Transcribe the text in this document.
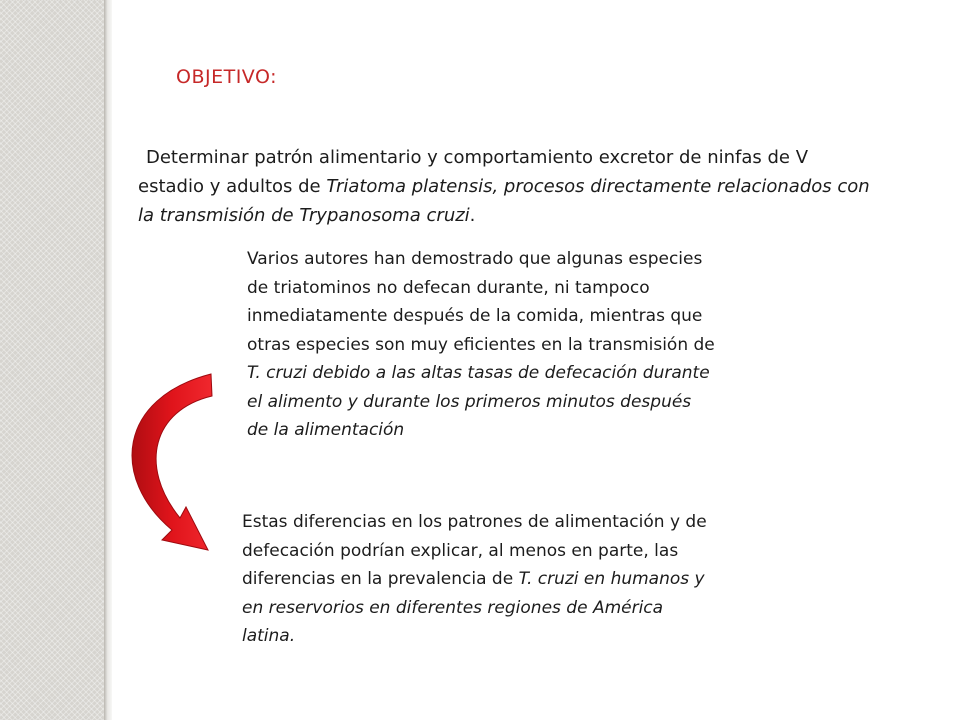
OBJETIVO:

Determinar patrón alimentario y comportamiento excretor de ninfas de V estadio y adultos de Triatoma platensis, procesos directamente relacionados con la transmisión de Trypanosoma cruzi.

Varios autores han demostrado que algunas especies de triatominos no defecan durante, ni tampoco inmediatamente después de la comida, mientras que otras especies son muy eficientes en la transmisión de T. cruzi debido a las altas tasas de defecación durante el alimento y durante los primeros minutos después de la alimentación

Estas diferencias en los patrones de alimentación y de defecación podrían explicar, al menos en parte, las diferencias en la prevalencia de T. cruzi en humanos y en reservorios en diferentes regiones de América latina.
